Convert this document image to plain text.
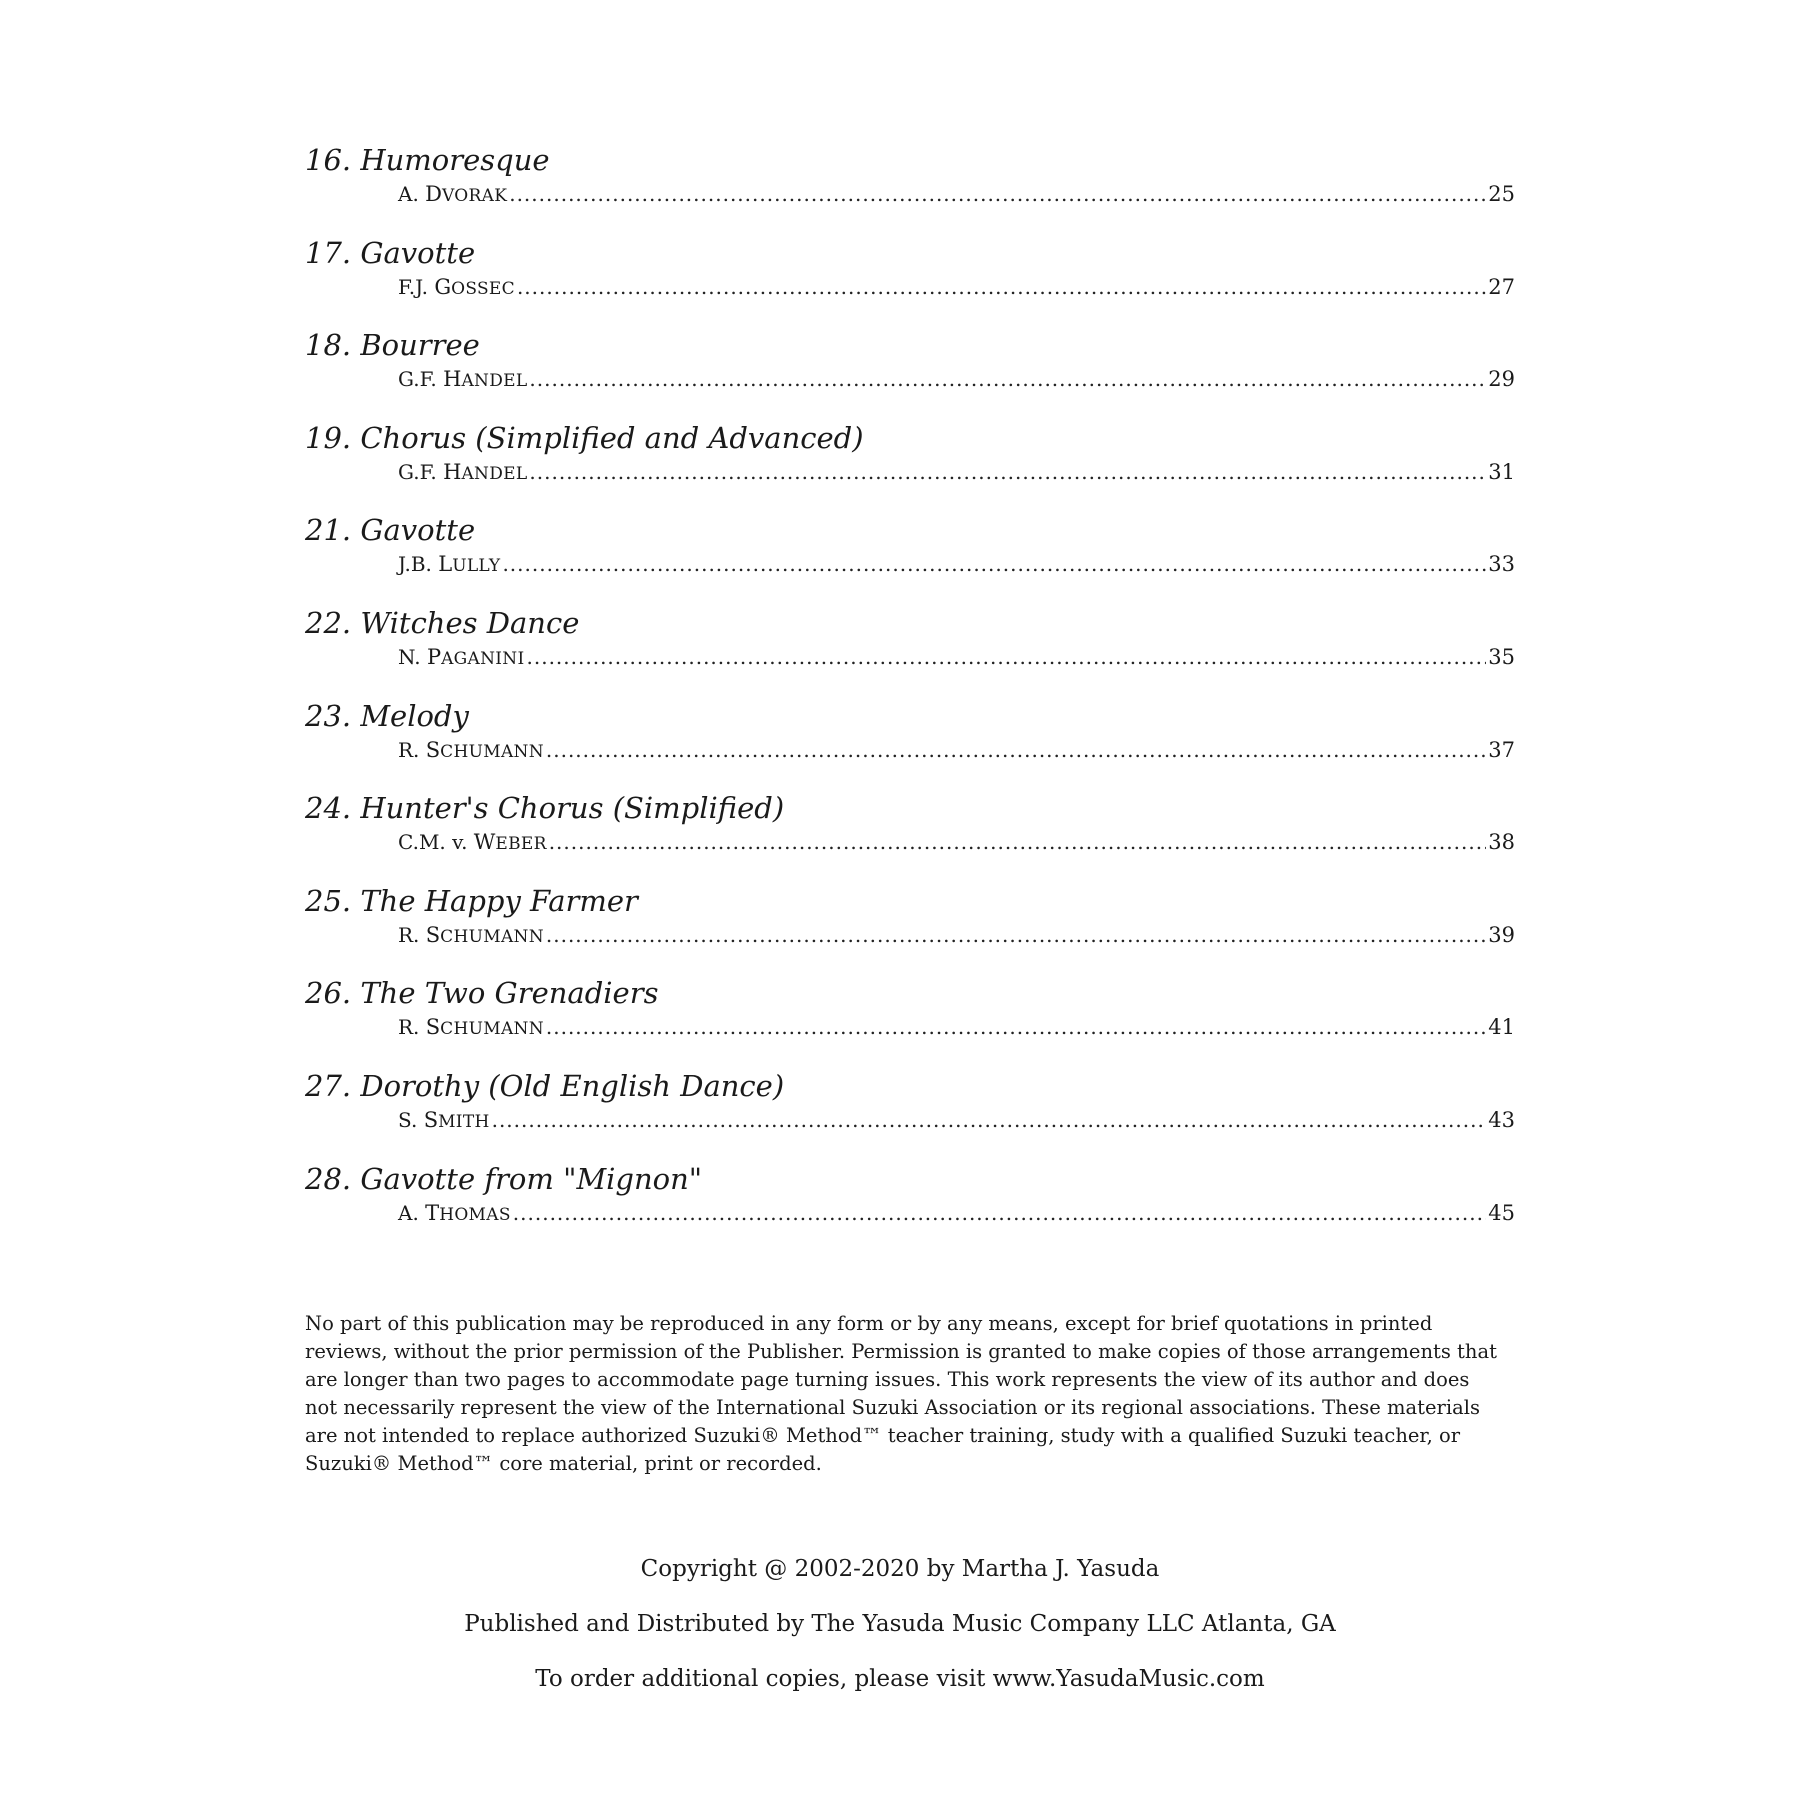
16. Humoresque
A. DVORAK .....	25
17. Gavotte
F.J. GOSSEC .....	27
18. Bourree
G.F. HANDEL .....	29
19. Chorus (Simplified and Advanced)
G.F. HANDEL .....	31
21. Gavotte
J.B. LULLY .....	33
22. Witches Dance
N. PAGANINI .....	35
23. Melody
R. SCHUMANN .....	37
24. Hunter's Chorus (Simplified)
C.M. v. WEBER .....	38
25. The Happy Farmer
R. SCHUMANN .....	39
26. The Two Grenadiers
R. SCHUMANN .....	41
27. Dorothy (Old English Dance)
S. SMITH .....	43
28. Gavotte from "Mignon"
A. THOMAS .....	45

No part of this publication may be reproduced in any form or by any means, except for brief quotations in printed reviews, without the prior permission of the Publisher. Permission is granted to make copies of those arrangements that are longer than two pages to accommodate page turning issues. This work represents the view of its author and does not necessarily represent the view of the International Suzuki Association or its regional associations. These materials are not intended to replace authorized Suzuki® Method™ teacher training, study with a qualified Suzuki teacher, or Suzuki® Method™ core material, print or recorded.

Copyright @ 2002-2020 by Martha J. Yasuda

Published and Distributed by The Yasuda Music Company LLC Atlanta, GA

To order additional copies, please visit www.YasudaMusic.com
